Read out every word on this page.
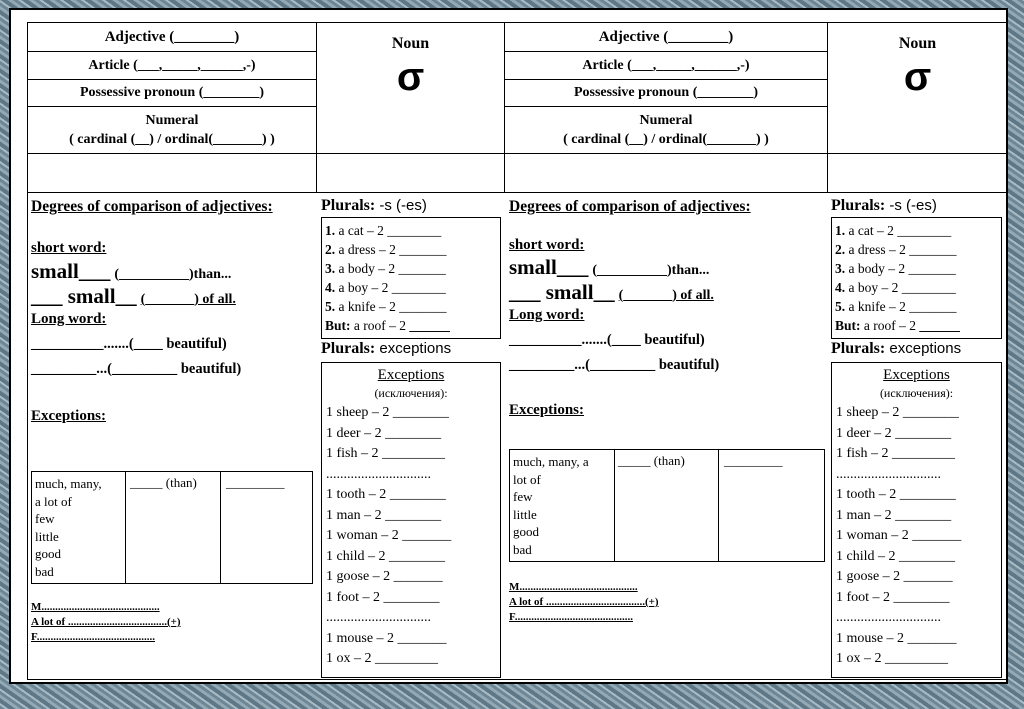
Adjective (________)
Article (___,_____,______,-)
Possessive pronoun (________)
Numeral
( cardinal (__) / ordinal(_______) )
Noun
σ
Adjective (________)
Article (___,_____,______,-)
Possessive pronoun (________)
Numeral
( cardinal (__) / ordinal(_______) )
Noun
σ
Degrees of comparison of adjectives:
short word:
small___ (__________)than...
___ small__ (_______) of all.
Long word:
__________.......(____ beautiful)
_________...(_________ beautiful)
Exceptions:
much, many,
a lot of
few
little
good
bad
_____ (than) _________
M...........................................
A lot of ....................................(+)
F...........................................
Plurals: -s (-es)
1. a cat – 2 ________
2. a dress – 2 _______
3. a body – 2 _______
4. a boy – 2 ________
5. a knife – 2 _______
But: a roof – 2 ______
Plurals: exceptions
Exceptions
(исключения):
1 sheep – 2 ________
1 deer – 2 ________
1 fish – 2 _________
..............................
1 tooth – 2 ________
1 man – 2 ________
1 woman – 2 _______
1 child – 2 ________
1 goose – 2 _______
1 foot – 2 ________
..............................
1 mouse – 2 _______
1 ox – 2 _________
Degrees of comparison of adjectives:
short word:
small___ (__________)than...
___ small__ (_______) of all.
Long word:
__________.......(____ beautiful)
_________...(_________ beautiful)
Exceptions:
much, many, a
lot of
few
little
good
bad
_____ (than)	_________
M...........................................
A lot of ....................................(+)
F...........................................
Plurals: -s (-es)
1. a cat – 2 ________
2. a dress – 2 _______
3. a body – 2 _______
4. a boy – 2 ________
5. a knife – 2 _______
But: a roof – 2 ______
Plurals: exceptions
Exceptions
(исключения):
1 sheep – 2 ________
1 deer – 2 ________
1 fish – 2 _________
..............................
1 tooth – 2 ________
1 man – 2 ________
1 woman – 2 _______
1 child – 2 ________
1 goose – 2 _______
1 foot – 2 ________
..............................
1 mouse – 2 _______
1 ox – 2 _________
